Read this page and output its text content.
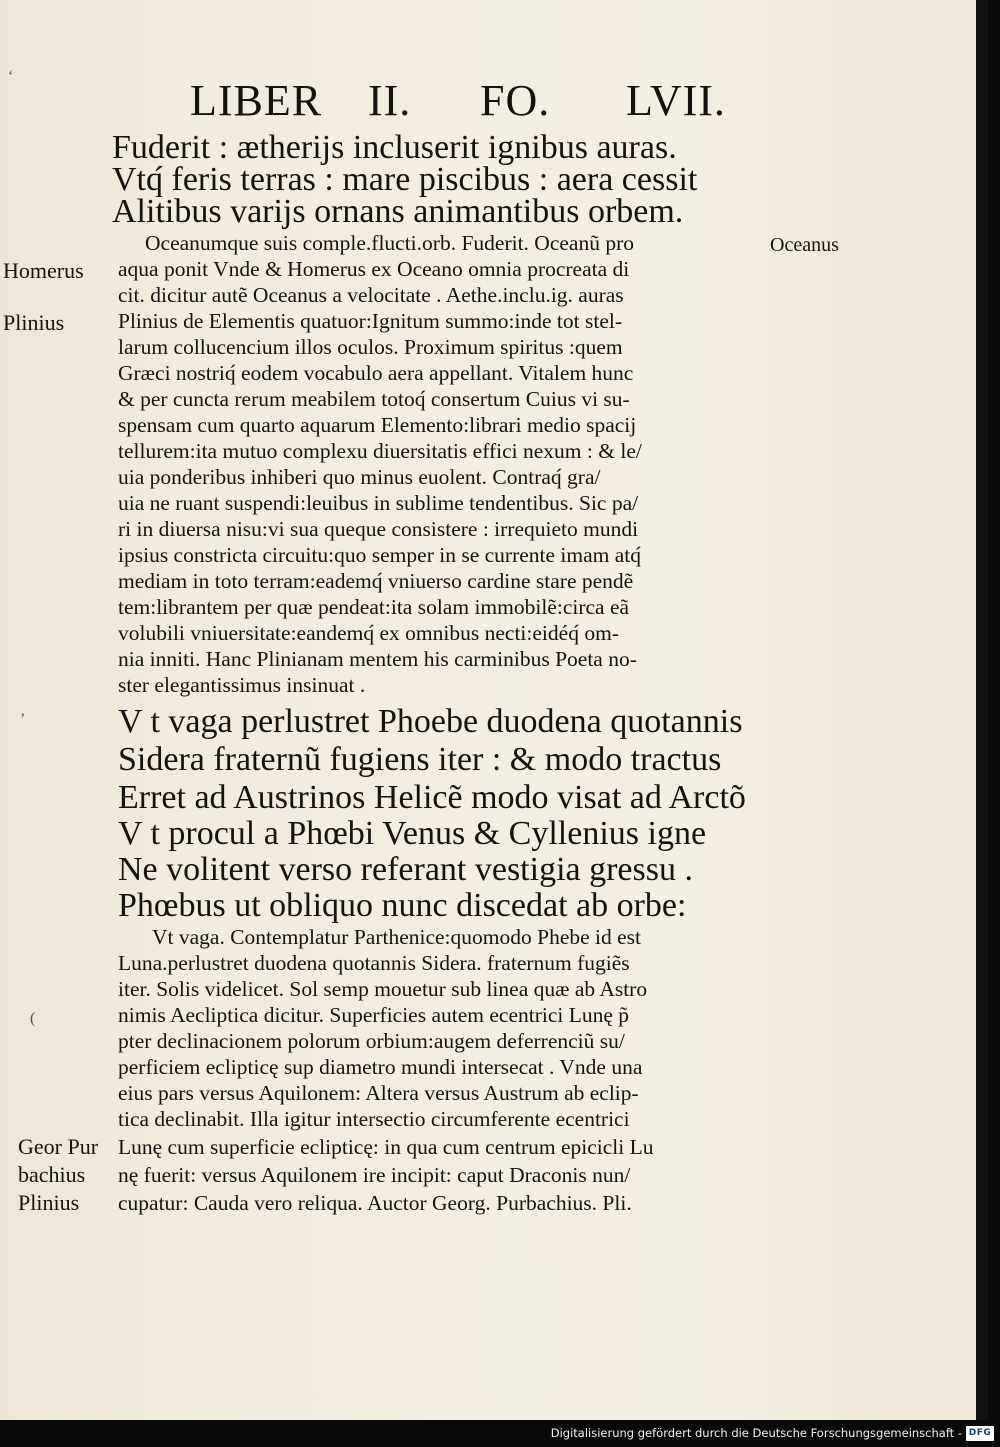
LIBER II. FO. LVII.
Fuderit : ætherijs incluserit ignibus auras.
Vtq́ feris terras : mare piscibus : aera cessit
Alitibus varijs ornans animantibus orbem.
Oceanumque suis comple.flucti.orb. Fuderit. Oceanũ pro
aqua ponit Vnde & Homerus ex Oceano omnia procreata di
cit. dicitur autẽ Oceanus a velocitate . Aethe.inclu.ig. auras
Plinius de Elementis quatuor:Ignitum summo:inde tot stel-
larum collucencium illos oculos. Proximum spiritus :quem
Græci nostriq́ eodem vocabulo aera appellant. Vitalem hunc
& per cuncta rerum meabilem totoq́ consertum Cuius vi su-
spensam cum quarto aquarum Elemento:librari medio spacij
tellurem:ita mutuo complexu diuersitatis effici nexum : & le/
uia ponderibus inhiberi quo minus euolent. Contraq́ gra/
uia ne ruant suspendi:leuibus in sublime tendentibus. Sic pa/
ri in diuersa nisu:vi sua queque consistere : irrequieto mundi
ipsius constricta circuitu:quo semper in se currente imam atq́
mediam in toto terram:eademq́ vniuerso cardine stare pendẽ
tem:librantem per quæ pendeat:ita solam immobilẽ:circa eã
volubili vniuersitate:eandemq́ ex omnibus necti:eidéq́ om-
nia inniti. Hanc Plinianam mentem his carminibus Poeta no-
ster elegantissimus insinuat .
V t vaga perlustret Phoebe duodena quotannis
Sidera fraternũ fugiens iter : & modo tractus
Erret ad Austrinos Helicẽ modo visat ad Arctõ
V t procul a Phœbi Venus & Cyllenius igne
Ne volitent verso referant vestigia gressu .
Phœbus ut obliquo nunc discedat ab orbe:
Vt vaga. Contemplatur Parthenice:quomodo Phebe id est
Luna.perlustret duodena quotannis Sidera. fraternum fugiẽs
iter. Solis videlicet. Sol semp mouetur sub linea quæ ab Astro
nimis Aecliptica dicitur. Superficies autem ecentrici Lunę p̃
pter declinacionem polorum orbium:augem deferrenciũ su/
perficiem eclipticę sup diametro mundi intersecat . Vnde una
eius pars versus Aquilonem: Altera versus Austrum ab eclip-
tica declinabit. Illa igitur intersectio circumferente ecentrici
Lunę cum superficie eclipticę: in qua cum centrum epicicli Lu
nę fuerit: versus Aquilonem ire incipit: caput Draconis nun/
cupatur: Cauda vero reliqua. Auctor Georg. Purbachius. Pli.
Oceanus
Homerus
Plinius
Geor Pur
bachius
Plinius
‘
‚
(
Digitalisierung gefördert durch die Deutsche Forschungsgemeinschaft - DFG
